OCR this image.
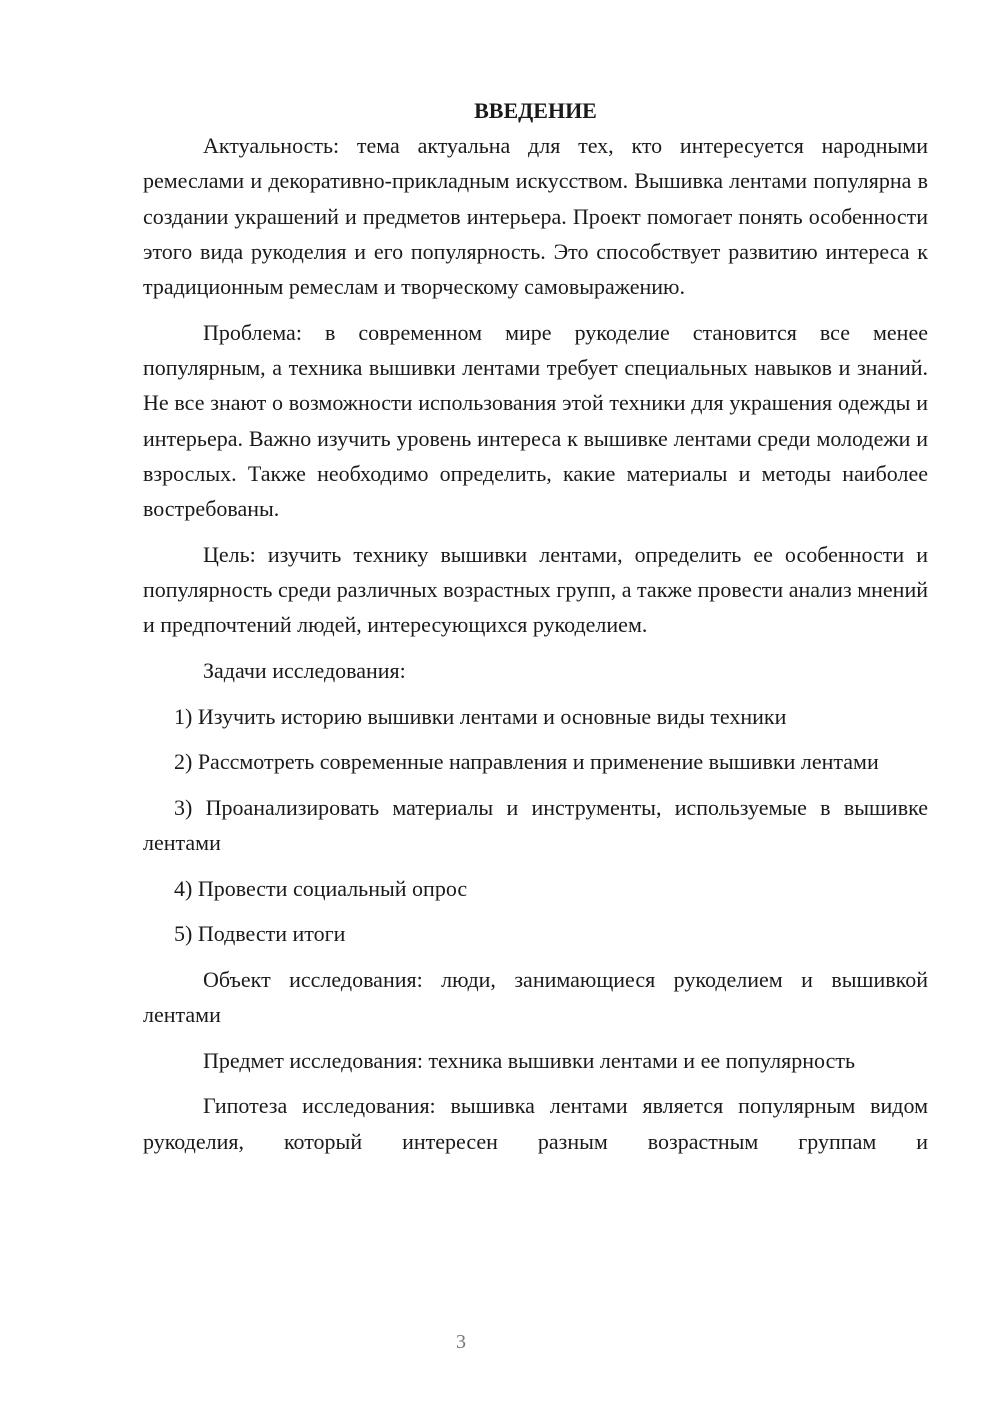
ВВЕДЕНИЕ

Актуальность: тема актуальна для тех, кто интересуется народными ремеслами и декоративно-прикладным искусством. Вышивка лентами популярна в создании украшений и предметов интерьера. Проект помогает понять особенности этого вида рукоделия и его популярность. Это способствует развитию интереса к традиционным ремеслам и творческому самовыражению.

Проблема: в современном мире рукоделие становится все менее популярным, а техника вышивки лентами требует специальных навыков и знаний. Не все знают о возможности использования этой техники для украшения одежды и интерьера. Важно изучить уровень интереса к вышивке лентами среди молодежи и взрослых. Также необходимо определить, какие материалы и методы наиболее востребованы.

Цель: изучить технику вышивки лентами, определить ее особенности и популярность среди различных возрастных групп, а также провести анализ мнений и предпочтений людей, интересующихся рукоделием.

Задачи исследования:

1) Изучить историю вышивки лентами и основные виды техники

2) Рассмотреть современные направления и применение вышивки лентами

3) Проанализировать материалы и инструменты, используемые в вышивке лентами

4) Провести социальный опрос

5) Подвести итоги

Объект исследования: люди, занимающиеся рукоделием и вышивкой лентами

Предмет исследования: техника вышивки лентами и ее популярность

Гипотеза исследования: вышивка лентами является популярным видом рукоделия, который интересен разным возрастным группам и

3
